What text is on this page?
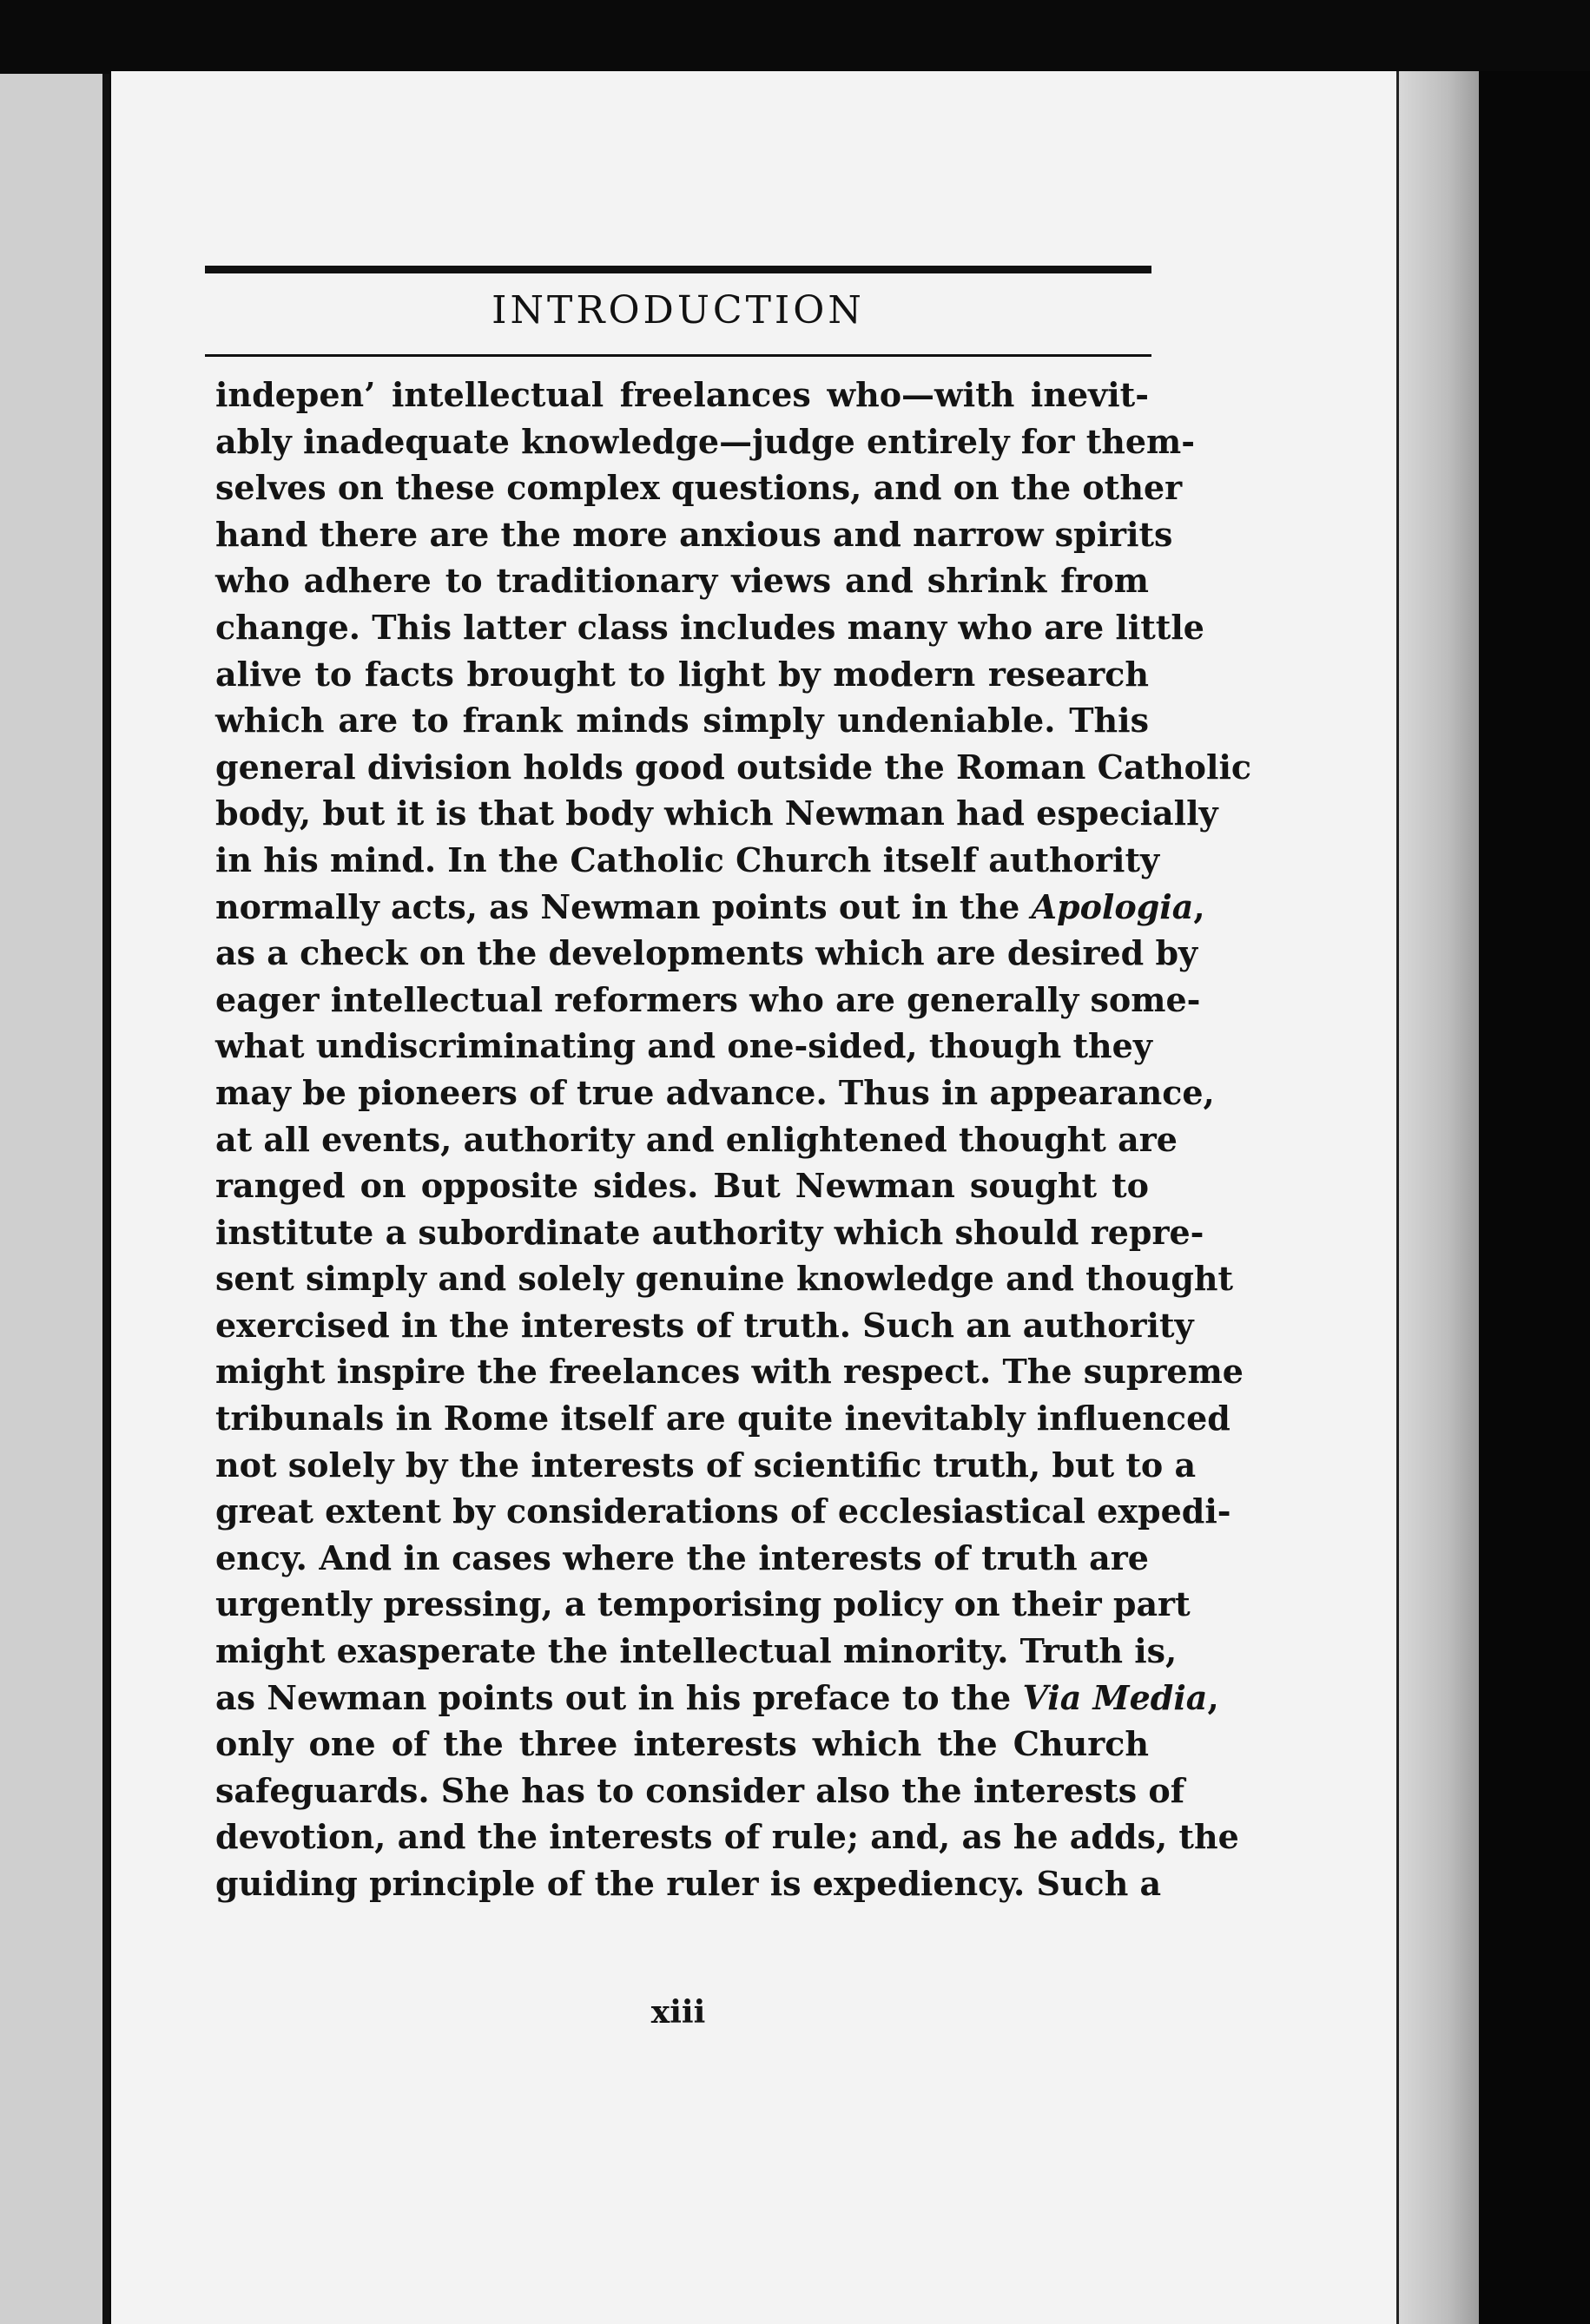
INTRODUCTION
indepen’ intellectual freelances who—with inevit-
ably inadequate knowledge—judge entirely for them-
selves on these complex questions, and on the other
hand there are the more anxious and narrow spirits
who adhere to traditionary views and shrink from
change. This latter class includes many who are little
alive to facts brought to light by modern research
which are to frank minds simply undeniable. This
general division holds good outside the Roman Catholic
body, but it is that body which Newman had especially
in his mind. In the Catholic Church itself authority
normally acts, as Newman points out in the Apologia,
as a check on the developments which are desired by
eager intellectual reformers who are generally some-
what undiscriminating and one-sided, though they
may be pioneers of true advance. Thus in appearance,
at all events, authority and enlightened thought are
ranged on opposite sides. But Newman sought to
institute a subordinate authority which should repre-
sent simply and solely genuine knowledge and thought
exercised in the interests of truth. Such an authority
might inspire the freelances with respect. The supreme
tribunals in Rome itself are quite inevitably influenced
not solely by the interests of scientific truth, but to a
great extent by considerations of ecclesiastical expedi-
ency. And in cases where the interests of truth are
urgently pressing, a temporising policy on their part
might exasperate the intellectual minority. Truth is,
as Newman points out in his preface to the Via Media,
only one of the three interests which the Church
safeguards. She has to consider also the interests of
devotion, and the interests of rule; and, as he adds, the
guiding principle of the ruler is expediency. Such a
xiii
